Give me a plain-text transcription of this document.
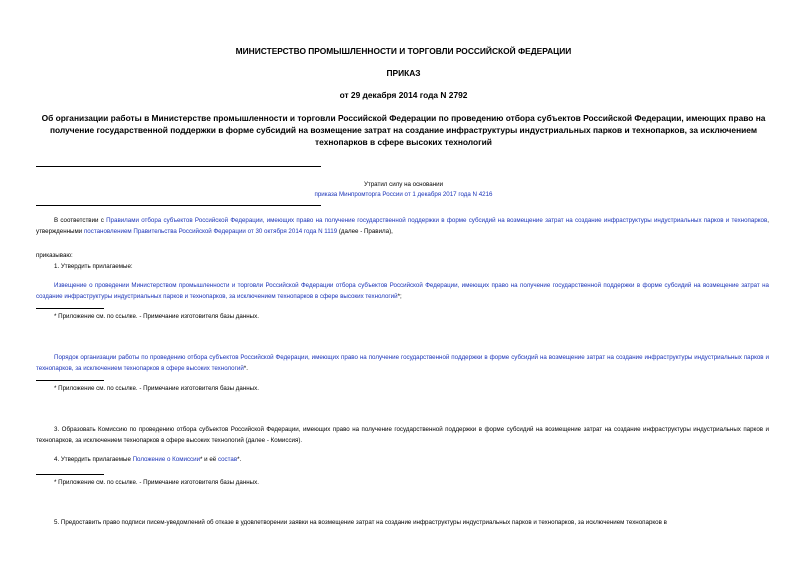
МИНИСТЕРСТВО ПРОМЫШЛЕННОСТИ И ТОРГОВЛИ РОССИЙСКОЙ ФЕДЕРАЦИИ
ПРИКАЗ
от 29 декабря 2014 года N 2792
Об организации работы в Министерстве промышленности и торговли Российской Федерации по проведению отбора субъектов Российской Федерации, имеющих право на получение государственной поддержки в форме субсидий на возмещение затрат на создание инфраструктуры индустриальных парков и технопарков, за исключением технопарков в сфере высоких технологий
Утратил силу на основании
приказа Минпромторга России от 1 декабря 2017 года N 4216
В соответствии с Правилами отбора субъектов Российской Федерации, имеющих право на получение государственной поддержки в форме субсидий на возмещение затрат на создание инфраструктуры индустриальных парков и технопарков, утвержденными постановлением Правительства Российской Федерации от 30 октября 2014 года N 1119 (далее - Правила),
приказываю:
1. Утвердить прилагаемые:
Извещение о проведении Министерством промышленности и торговли Российской Федерации отбора субъектов Российской Федерации, имеющих право на получение государственной поддержки в форме субсидий на возмещение затрат на создание инфраструктуры индустриальных парков и технопарков, за исключением технопарков в сфере высоких технологий*;
* Приложение см. по ссылке. - Примечание изготовителя базы данных.
Порядок организации работы по проведению отбора субъектов Российской Федерации, имеющих право на получение государственной поддержки в форме субсидий на возмещение затрат на создание инфраструктуры индустриальных парков и технопарков, за исключением технопарков в сфере высоких технологий*.
* Приложение см. по ссылке. - Примечание изготовителя базы данных.
3. Образовать Комиссию по проведению отбора субъектов Российской Федерации, имеющих право на получение государственной поддержки в форме субсидий на возмещение затрат на создание инфраструктуры индустриальных парков и технопарков, за исключением технопарков в сфере высоких технологий (далее - Комиссия).
4. Утвердить прилагаемые Положение о Комиссии* и её состав*.
* Приложение см. по ссылке. - Примечание изготовителя базы данных.
5. Предоставить право подписи писем-уведомлений об отказе в удовлетворении заявки на возмещение затрат на создание инфраструктуры индустриальных парков и технопарков, за исключением технопарков в
